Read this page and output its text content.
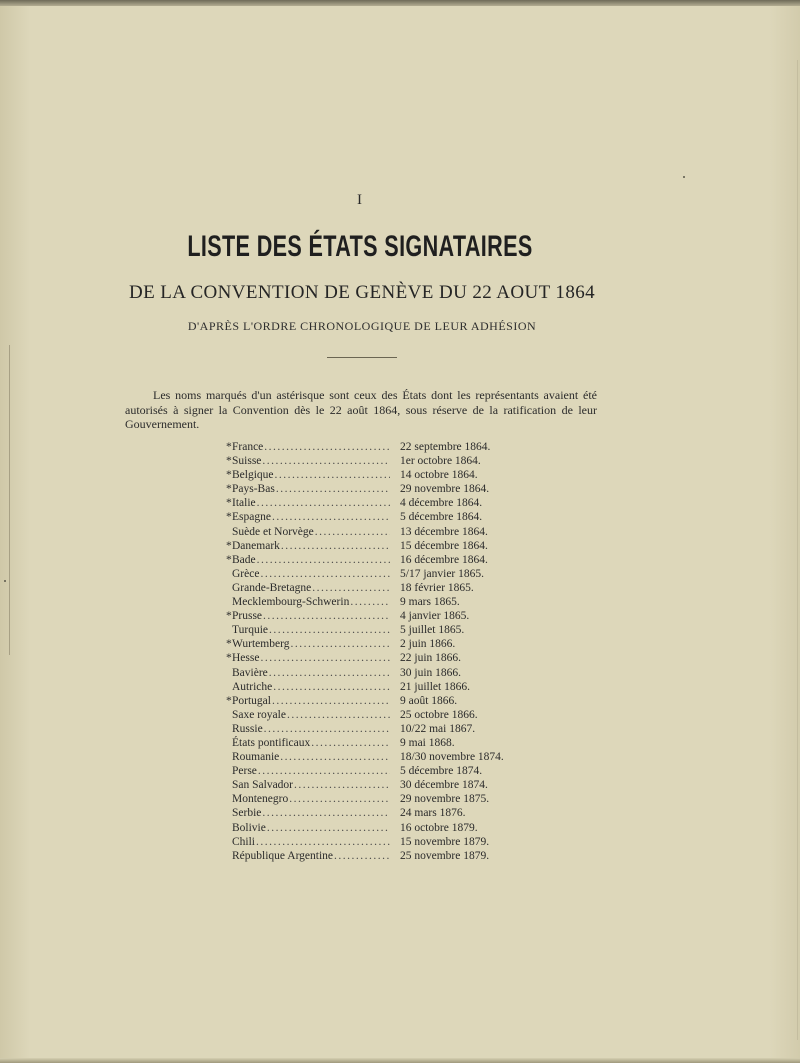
I
LISTE DES ÉTATS SIGNATAIRES
DE LA CONVENTION DE GENÈVE DU 22 AOUT 1864
D'APRÈS L'ORDRE CHRONOLOGIQUE DE LEUR ADHÉSION

Les noms marqués d'un astérisque sont ceux des États dont les représentants avaient été autorisés à signer la Convention dès le 22 août 1864, sous réserve de la ratification de leur Gouvernement.

* France .....	22 septembre 1864.
* Suisse .....	1er octobre 1864.
* Belgique .....	14 octobre 1864.
* Pays-Bas .....	29 novembre 1864.
* Italie .....	4 décembre 1864.
* Espagne .....	5 décembre 1864.
Suède et Norvège .....	13 décembre 1864.
* Danemark .....	15 décembre 1864.
* Bade .....	16 décembre 1864.
Grèce .....	5/17 janvier 1865.
Grande-Bretagne .....	18 février 1865.
Mecklembourg-Schwerin .....	9 mars 1865.
* Prusse .....	4 janvier 1865.
Turquie .....	5 juillet 1865.
* Wurtemberg .....	2 juin 1866.
* Hesse .....	22 juin 1866.
Bavière .....	30 juin 1866.
Autriche .....	21 juillet 1866.
* Portugal .....	9 août 1866.
Saxe royale .....	25 octobre 1866.
Russie .....	10/22 mai 1867.
États pontificaux .....	9 mai 1868.
Roumanie .....	18/30 novembre 1874.
Perse .....	5 décembre 1874.
San Salvador .....	30 décembre 1874.
Montenegro .....	29 novembre 1875.
Serbie .....	24 mars 1876.
Bolivie .....	16 octobre 1879.
Chili .....	15 novembre 1879.
République Argentine .....	25 novembre 1879.
